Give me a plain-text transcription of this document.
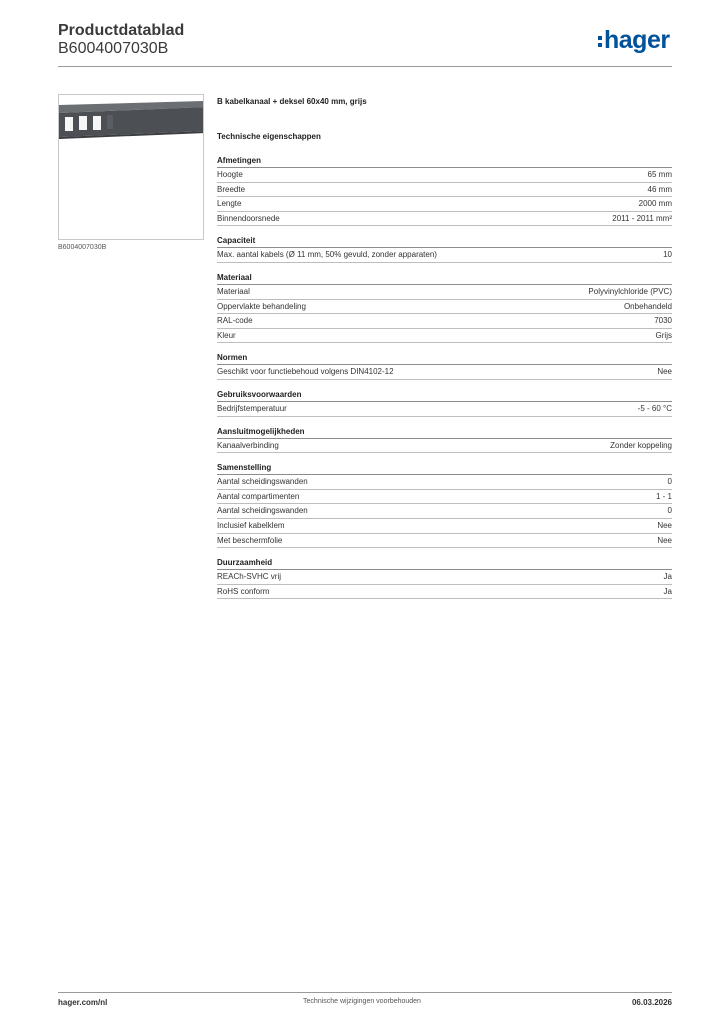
Productdatablad
B6004007030B	hager
B6004007030B
B kabelkanaal + deksel 60x40 mm, grijs
Technische eigenschappen
Afmetingen
Hoogte	65 mm
Breedte	46 mm
Lengte	2000 mm
Binnendoorsnede	2011 - 2011 mm²
Capaciteit
Max. aantal kabels (Ø 11 mm, 50% gevuld, zonder apparaten)	10
Materiaal
Materiaal	Polyvinylchloride (PVC)
Oppervlakte behandeling	Onbehandeld
RAL-code	7030
Kleur	Grijs
Normen
Geschikt voor functiebehoud volgens DIN4102-12	Nee
Gebruiksvoorwaarden
Bedrijfstemperatuur	-5 - 60 °C
Aansluitmogelijkheden
Kanaalverbinding	Zonder koppeling
Samenstelling
Aantal scheidingswanden	0
Aantal compartimenten	1 - 1
Aantal scheidingswanden	0
Inclusief kabelklem	Nee
Met beschermfolie	Nee
Duurzaamheid
REACh-SVHC vrij	Ja
RoHS conform	Ja
hager.com/nl	Technische wijzigingen voorbehouden	06.03.2026
